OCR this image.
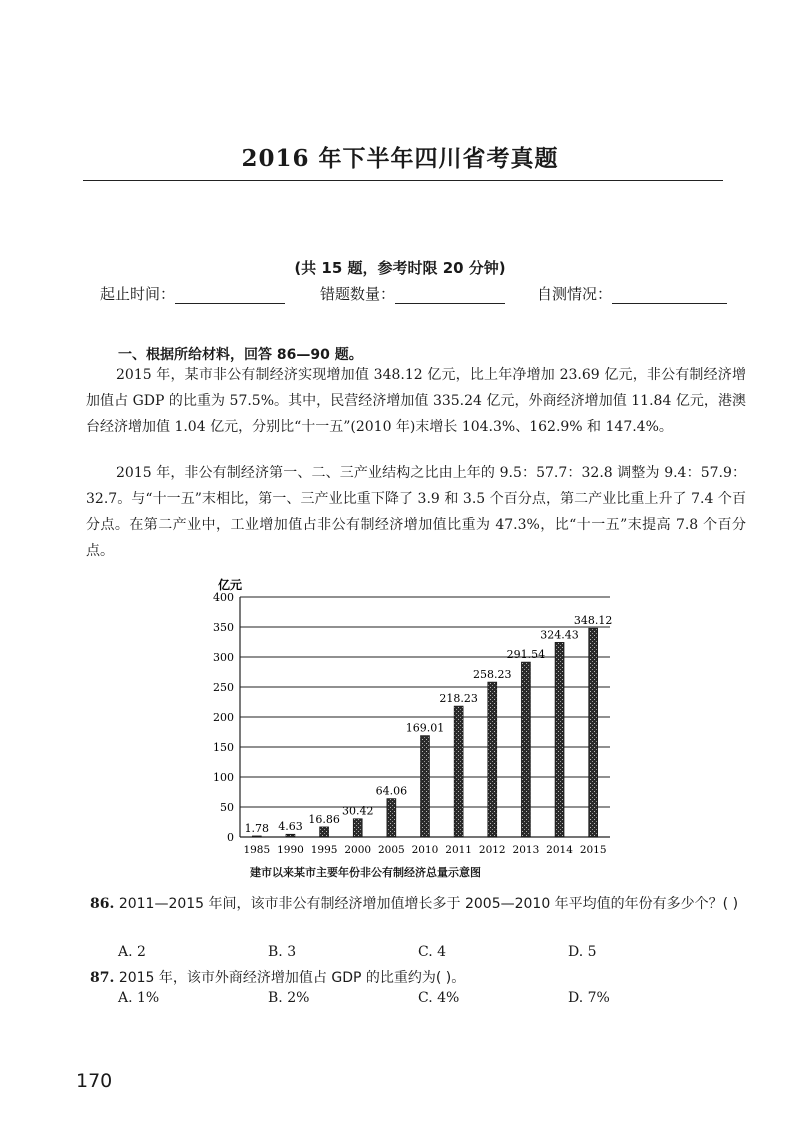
2016 年下半年四川省考真题
(共 15 题，参考时限 20 分钟)
起止时间：	错题数量：	自测情况：
一、根据所给材料，回答 86—90 题。
2015 年，某市非公有制经济实现增加值 348.12 亿元，比上年净增加 23.69 亿元，非公有制经济增加值占 GDP 的比重为 57.5%。其中，民营经济增加值 335.24 亿元，外商经济增加值 11.84 亿元，港澳台经济增加值 1.04 亿元，分别比“十一五”(2010 年)末增长 104.3%、162.9% 和 147.4%。
2015 年，非公有制经济第一、二、三产业结构之比由上年的 9.5：57.7：32.8 调整为 9.4：57.9：32.7。与“十一五”末相比，第一、三产业比重下降了 3.9 和 3.5 个百分点，第二产业比重上升了 7.4 个百分点。在第二产业中，工业增加值占非公有制经济增加值比重为 47.3%，比“十一五”末提高 7.8 个百分点。
亿元
0
50
100
150
200
250
300
350
400
1.78
1985
4.63
1990
16.86
1995
30.42
2000
64.06
2005
169.01
2010
218.23
2011
258.23
2012
291.54
2013
324.43
2014
348.12
2015
建市以来某市主要年份非公有制经济总量示意图
86. 2011—2015 年间，该市非公有制经济增加值增长多于 2005—2010 年平均值的年份有多少个？( )
A. 2	B. 3	C. 4	D. 5
87. 2015 年，该市外商经济增加值占 GDP 的比重约为( )。
A. 1%	B. 2%	C. 4%	D. 7%
170
